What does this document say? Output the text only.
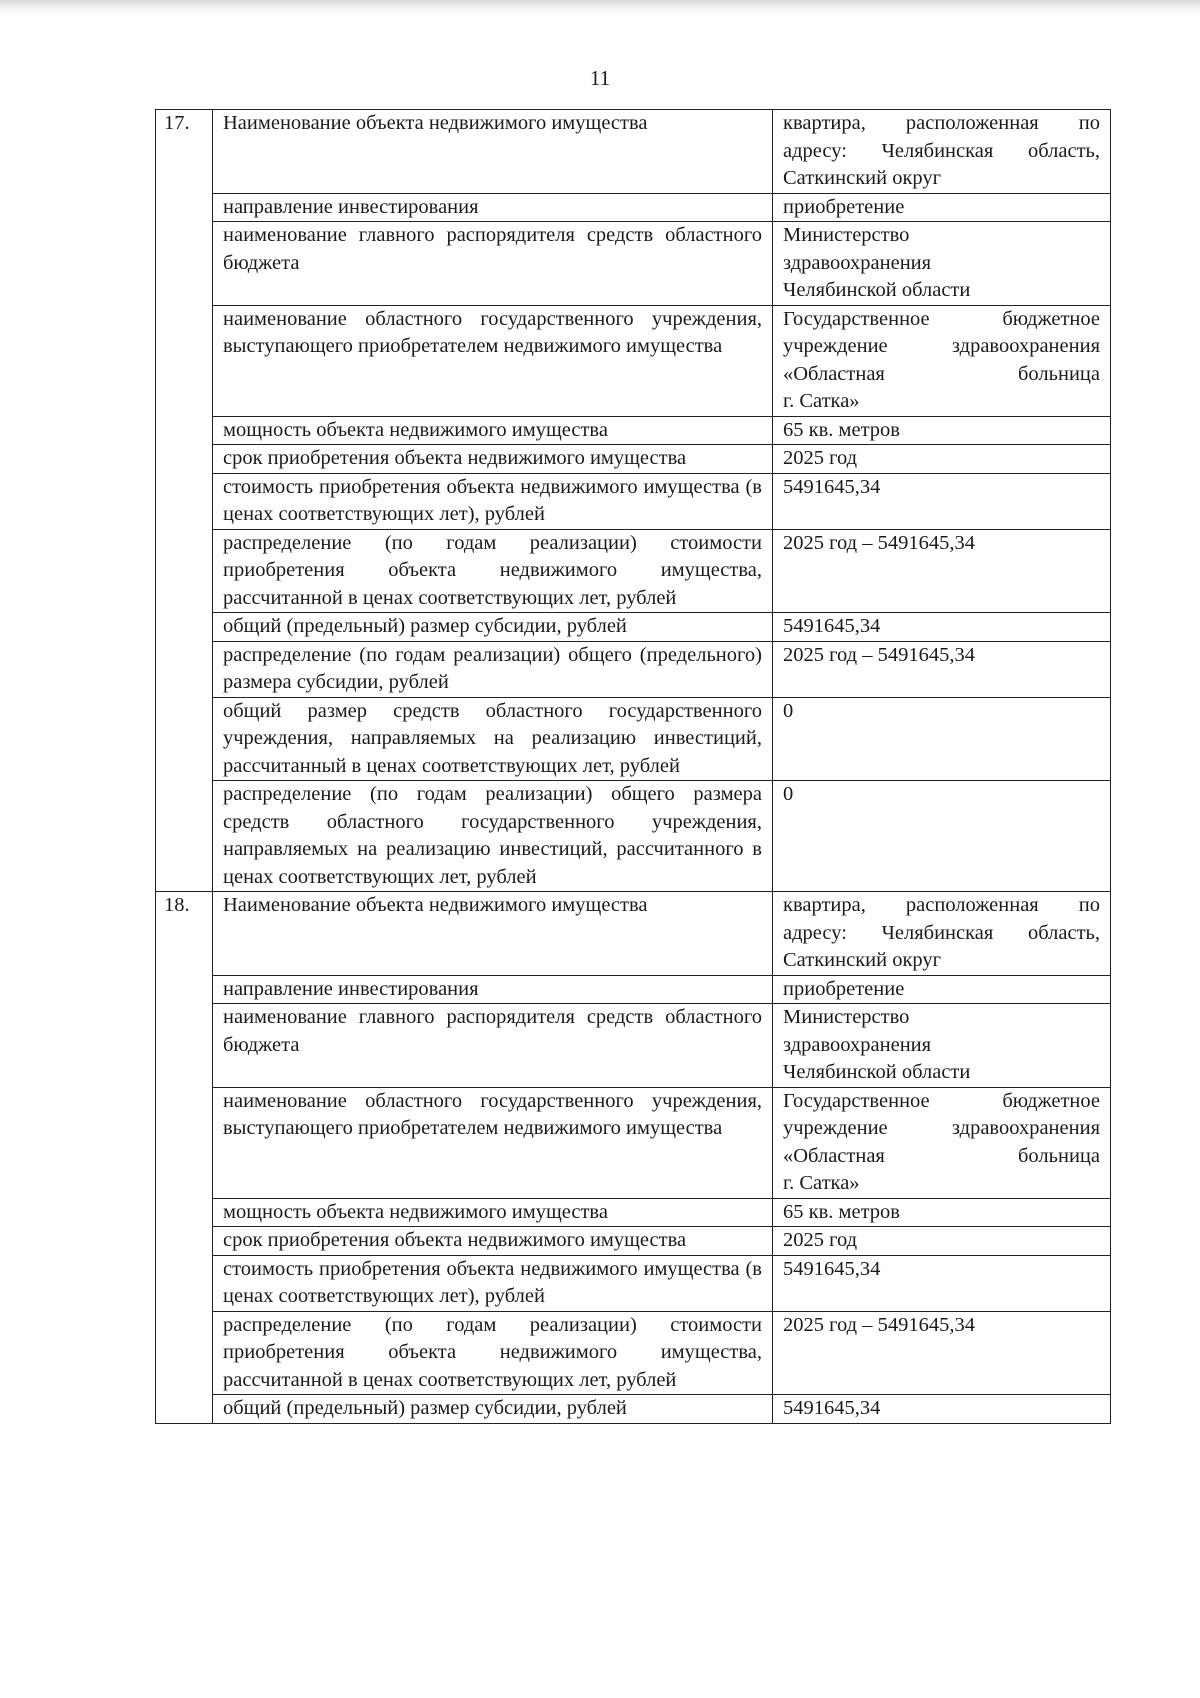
11
17.	Наименование объекта недвижимого имущества	квартира, расположенная по
адресу: Челябинская область,
Саткинский округ

	направление инвестирования	приобретение

	наименование главного распорядителя средств областного бюджета	Министерство
здравоохранения
Челябинской области

	наименование областного государственного учреждения, выступающего приобретателем недвижимого имущества	Государственное бюджетное
учреждение здравоохранения
«Областная больница
г. Сатка»

	мощность объекта недвижимого имущества	65 кв. метров

	срок приобретения объекта недвижимого имущества	2025 год

	стоимость приобретения объекта недвижимого имущества (в ценах соответствующих лет), рублей	5491645,34

	распределение (по годам реализации) стоимости приобретения объекта недвижимого имущества, рассчитанной в ценах соответствующих лет, рублей	2025 год – 5491645,34

	общий (предельный) размер субсидии, рублей	5491645,34

	распределение (по годам реализации) общего (предельного) размера субсидии, рублей	2025 год – 5491645,34

	общий размер средств областного государственного учреждения, направляемых на реализацию инвестиций, рассчитанный в ценах соответствующих лет, рублей	0

	распределение (по годам реализации) общего размера средств областного государственного учреждения, направляемых на реализацию инвестиций, рассчитанного в ценах соответствующих лет, рублей	0

18.	Наименование объекта недвижимого имущества	квартира, расположенная по
адресу: Челябинская область,
Саткинский округ

	направление инвестирования	приобретение

	наименование главного распорядителя средств областного бюджета	Министерство
здравоохранения
Челябинской области

	наименование областного государственного учреждения, выступающего приобретателем недвижимого имущества	Государственное бюджетное
учреждение здравоохранения
«Областная больница
г. Сатка»

	мощность объекта недвижимого имущества	65 кв. метров

	срок приобретения объекта недвижимого имущества	2025 год

	стоимость приобретения объекта недвижимого имущества (в ценах соответствующих лет), рублей	5491645,34

	распределение (по годам реализации) стоимости приобретения объекта недвижимого имущества, рассчитанной в ценах соответствующих лет, рублей	2025 год – 5491645,34

	общий (предельный) размер субсидии, рублей	5491645,34
